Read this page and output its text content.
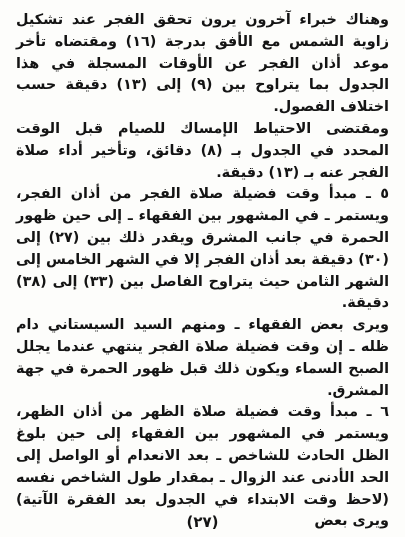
وهناك خبراء آخرون يرون تحقق الفجر عند تشكيل زاوية الشمس مع الأفق بدرجة (١٦) ومقتضاه تأخر موعد أذان الفجر عن الأوقات المسجلة في هذا الجدول بما يتراوح بين (٩) إلى (١٣) دقيقة حسب اختلاف الفصول.

ومقتضى الاحتياط الإمساك للصيام قبل الوقت المحدد في الجدول بـ (٨) دقائق، وتأخير أداء صلاة الفجر عنه بـ (١٣) دقيقة.

٥ ـ مبدأ وقت فضيلة صلاة الفجر من أذان الفجر، ويستمر ـ في المشهور بين الفقهاء ـ إلى حين ظهور الحمرة في جانب المشرق ويقدر ذلك بين (٢٧) إلى (٣٠) دقيقة بعد أذان الفجر إلا في الشهر الخامس إلى الشهر الثامن حيث يتراوح الفاصل بين (٣٣) إلى (٣٨) دقيقة.

ويرى بعض الفقهاء ـ ومنهم السيد السيستاني دام ظله ـ إن وقت فضيلة صلاة الفجر ينتهي عندما يجلل الصبح السماء ويكون ذلك قبل ظهور الحمرة في جهة المشرق.

٦ ـ مبدأ وقت فضيلة صلاة الظهر من أذان الظهر، ويستمر في المشهور بين الفقهاء إلى حين بلوغ الظل الحادث للشاخص ـ بعد الانعدام أو الواصل إلى الحد الأدنى عند الزوال ـ بمقدار طول الشاخص نفسه (لاحظ وقت الابتداء في الجدول بعد الفقرة الآتية) ويرى بعض

(٢٧)
